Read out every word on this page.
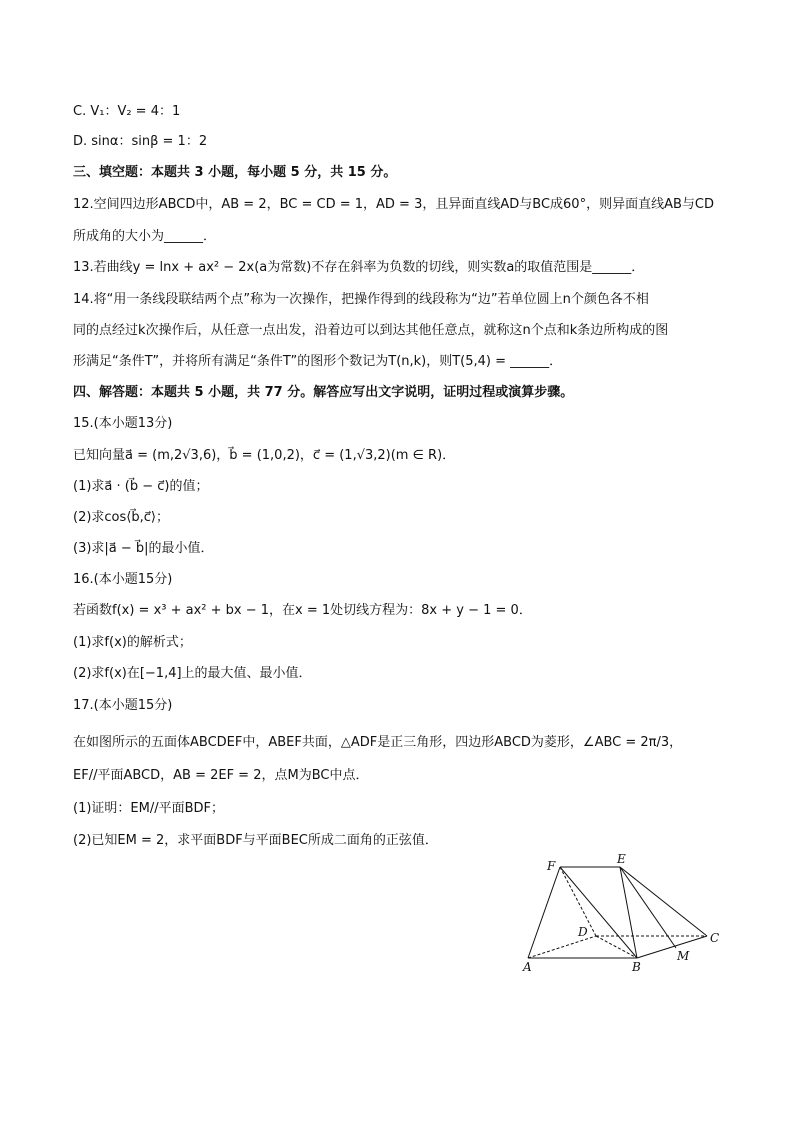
C. V₁：V₂ = 4：1
D. sinα：sinβ = 1：2
三、填空题：本题共 3 小题，每小题 5 分，共 15 分。
12.空间四边形ABCD中，AB = 2，BC = CD = 1，AD = 3，且异面直线AD与BC成60°，则异面直线AB与CD
所成角的大小为______．
13.若曲线y = lnx + ax² − 2x(a为常数)不存在斜率为负数的切线，则实数a的取值范围是______．
14.将“用一条线段联结两个点”称为一次操作，把操作得到的线段称为“边”若单位圆上n个颜色各不相
同的点经过k次操作后，从任意一点出发，沿着边可以到达其他任意点，就称这n个点和k条边所构成的图
形满足“条件T”，并将所有满足“条件T”的图形个数记为T(n,k)，则T(5,4) = ______．
四、解答题：本题共 5 小题，共 77 分。解答应写出文字说明，证明过程或演算步骤。
15.(本小题13分)
已知向量a⃗ = (m,2√3,6)，b⃗ = (1,0,2)，c⃗ = (1,√3,2)(m ∈ R)．
(1)求a⃗ · (b⃗ − c⃗)的值；
(2)求cos⟨b⃗,c⃗⟩；
(3)求|a⃗ − b⃗|的最小值．
16.(本小题15分)
若函数f(x) = x³ + ax² + bx − 1，在x = 1处切线方程为：8x + y − 1 = 0．
(1)求f(x)的解析式；
(2)求f(x)在[−1,4]上的最大值、最小值．
17.(本小题15分)
在如图所示的五面体ABCDEF中，ABEF共面，△ADF是正三角形，四边形ABCD为菱形，∠ABC = 2π/3，
EF//平面ABCD，AB = 2EF = 2，点M为BC中点．
(1)证明：EM//平面BDF；
(2)已知EM = 2，求平面BDF与平面BEC所成二面角的正弦值．
F	E
D	C
A	B
M
